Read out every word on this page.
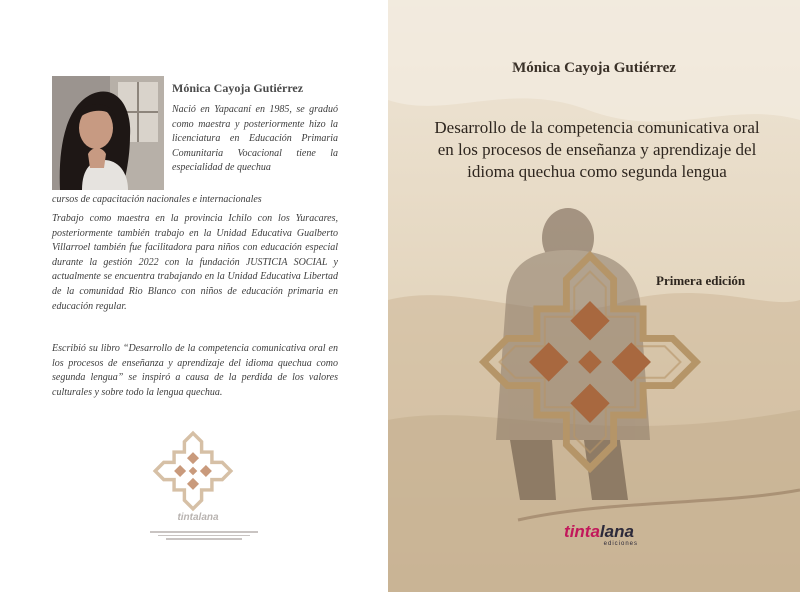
Mónica Cayoja Gutiérrez
Nació en Yapacaní en 1985, se graduó como maestra y posteriormente hizo la licenciatura en Educación Primaria Comunitaria Vocacional tiene la especialidad de quechua
cursos de capacitación nacionales e internacionales
Trabajo como maestra en la provincia Ichilo con los Yuracares, posteriormente también trabajo en la Unidad Educativa Gualberto Villarroel también fue facilitadora para niños con educación especial durante la gestión 2022 con la fundación JUSTICIA SOCIAL y actualmente se encuentra trabajando en la Unidad Educativa Libertad de la comunidad Rio Blanco con niños de educación primaria en educación regular.
Escribió su libro “Desarrollo de la competencia comunicativa oral en los procesos de enseñanza y aprendizaje del idioma quechua como segunda lengua” se inspiró a causa de la perdida de los valores culturales y sobre todo la lengua quechua.
tintalana
Mónica Cayoja Gutiérrez
Desarrollo de la competencia comunicativa oral en los procesos de enseñanza y aprendizaje del idioma quechua como segunda lengua
Primera edición
tintalana
ediciones
